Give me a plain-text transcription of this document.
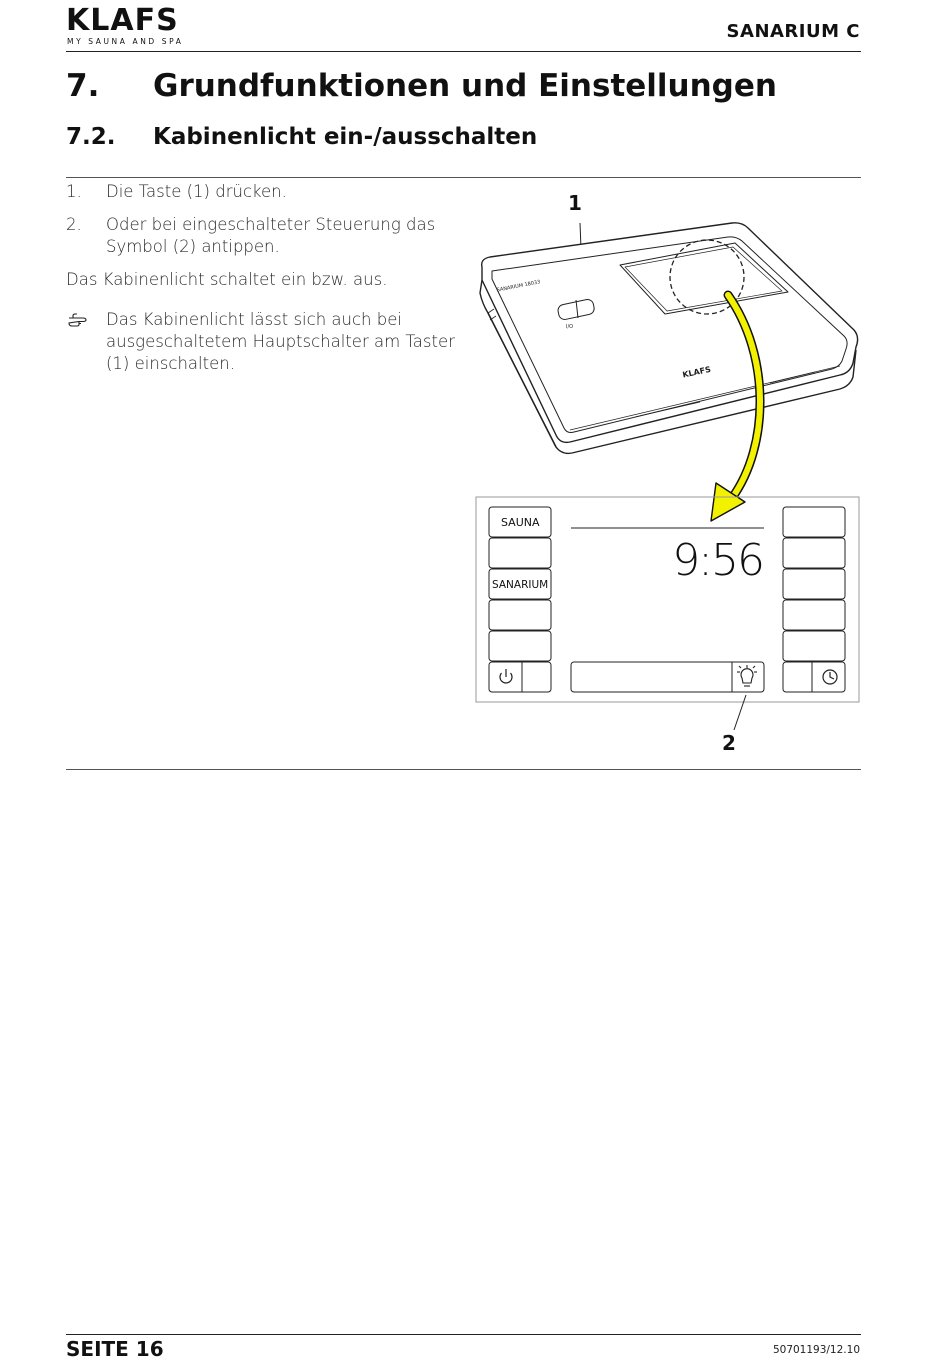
KLAFS
MY SAUNA AND SPA	SANARIUM C
7. Grundfunktionen und Einstellungen
7.2. Kabinenlicht ein-/ausschalten
1. Die Taste (1) drücken.
2. Oder bei eingeschalteter Steuerung das Symbol (2) antippen.
Das Kabinenlicht schaltet ein bzw. aus.
Das Kabinenlicht lässt sich auch bei ausgeschaltetem Hauptschalter am Taster (1) einschalten.
1
SANARIUM 18033
I/O
KLAFS
SAUNA
SANARIUM	9:56
2
SEITE 16	50701193/12.10
